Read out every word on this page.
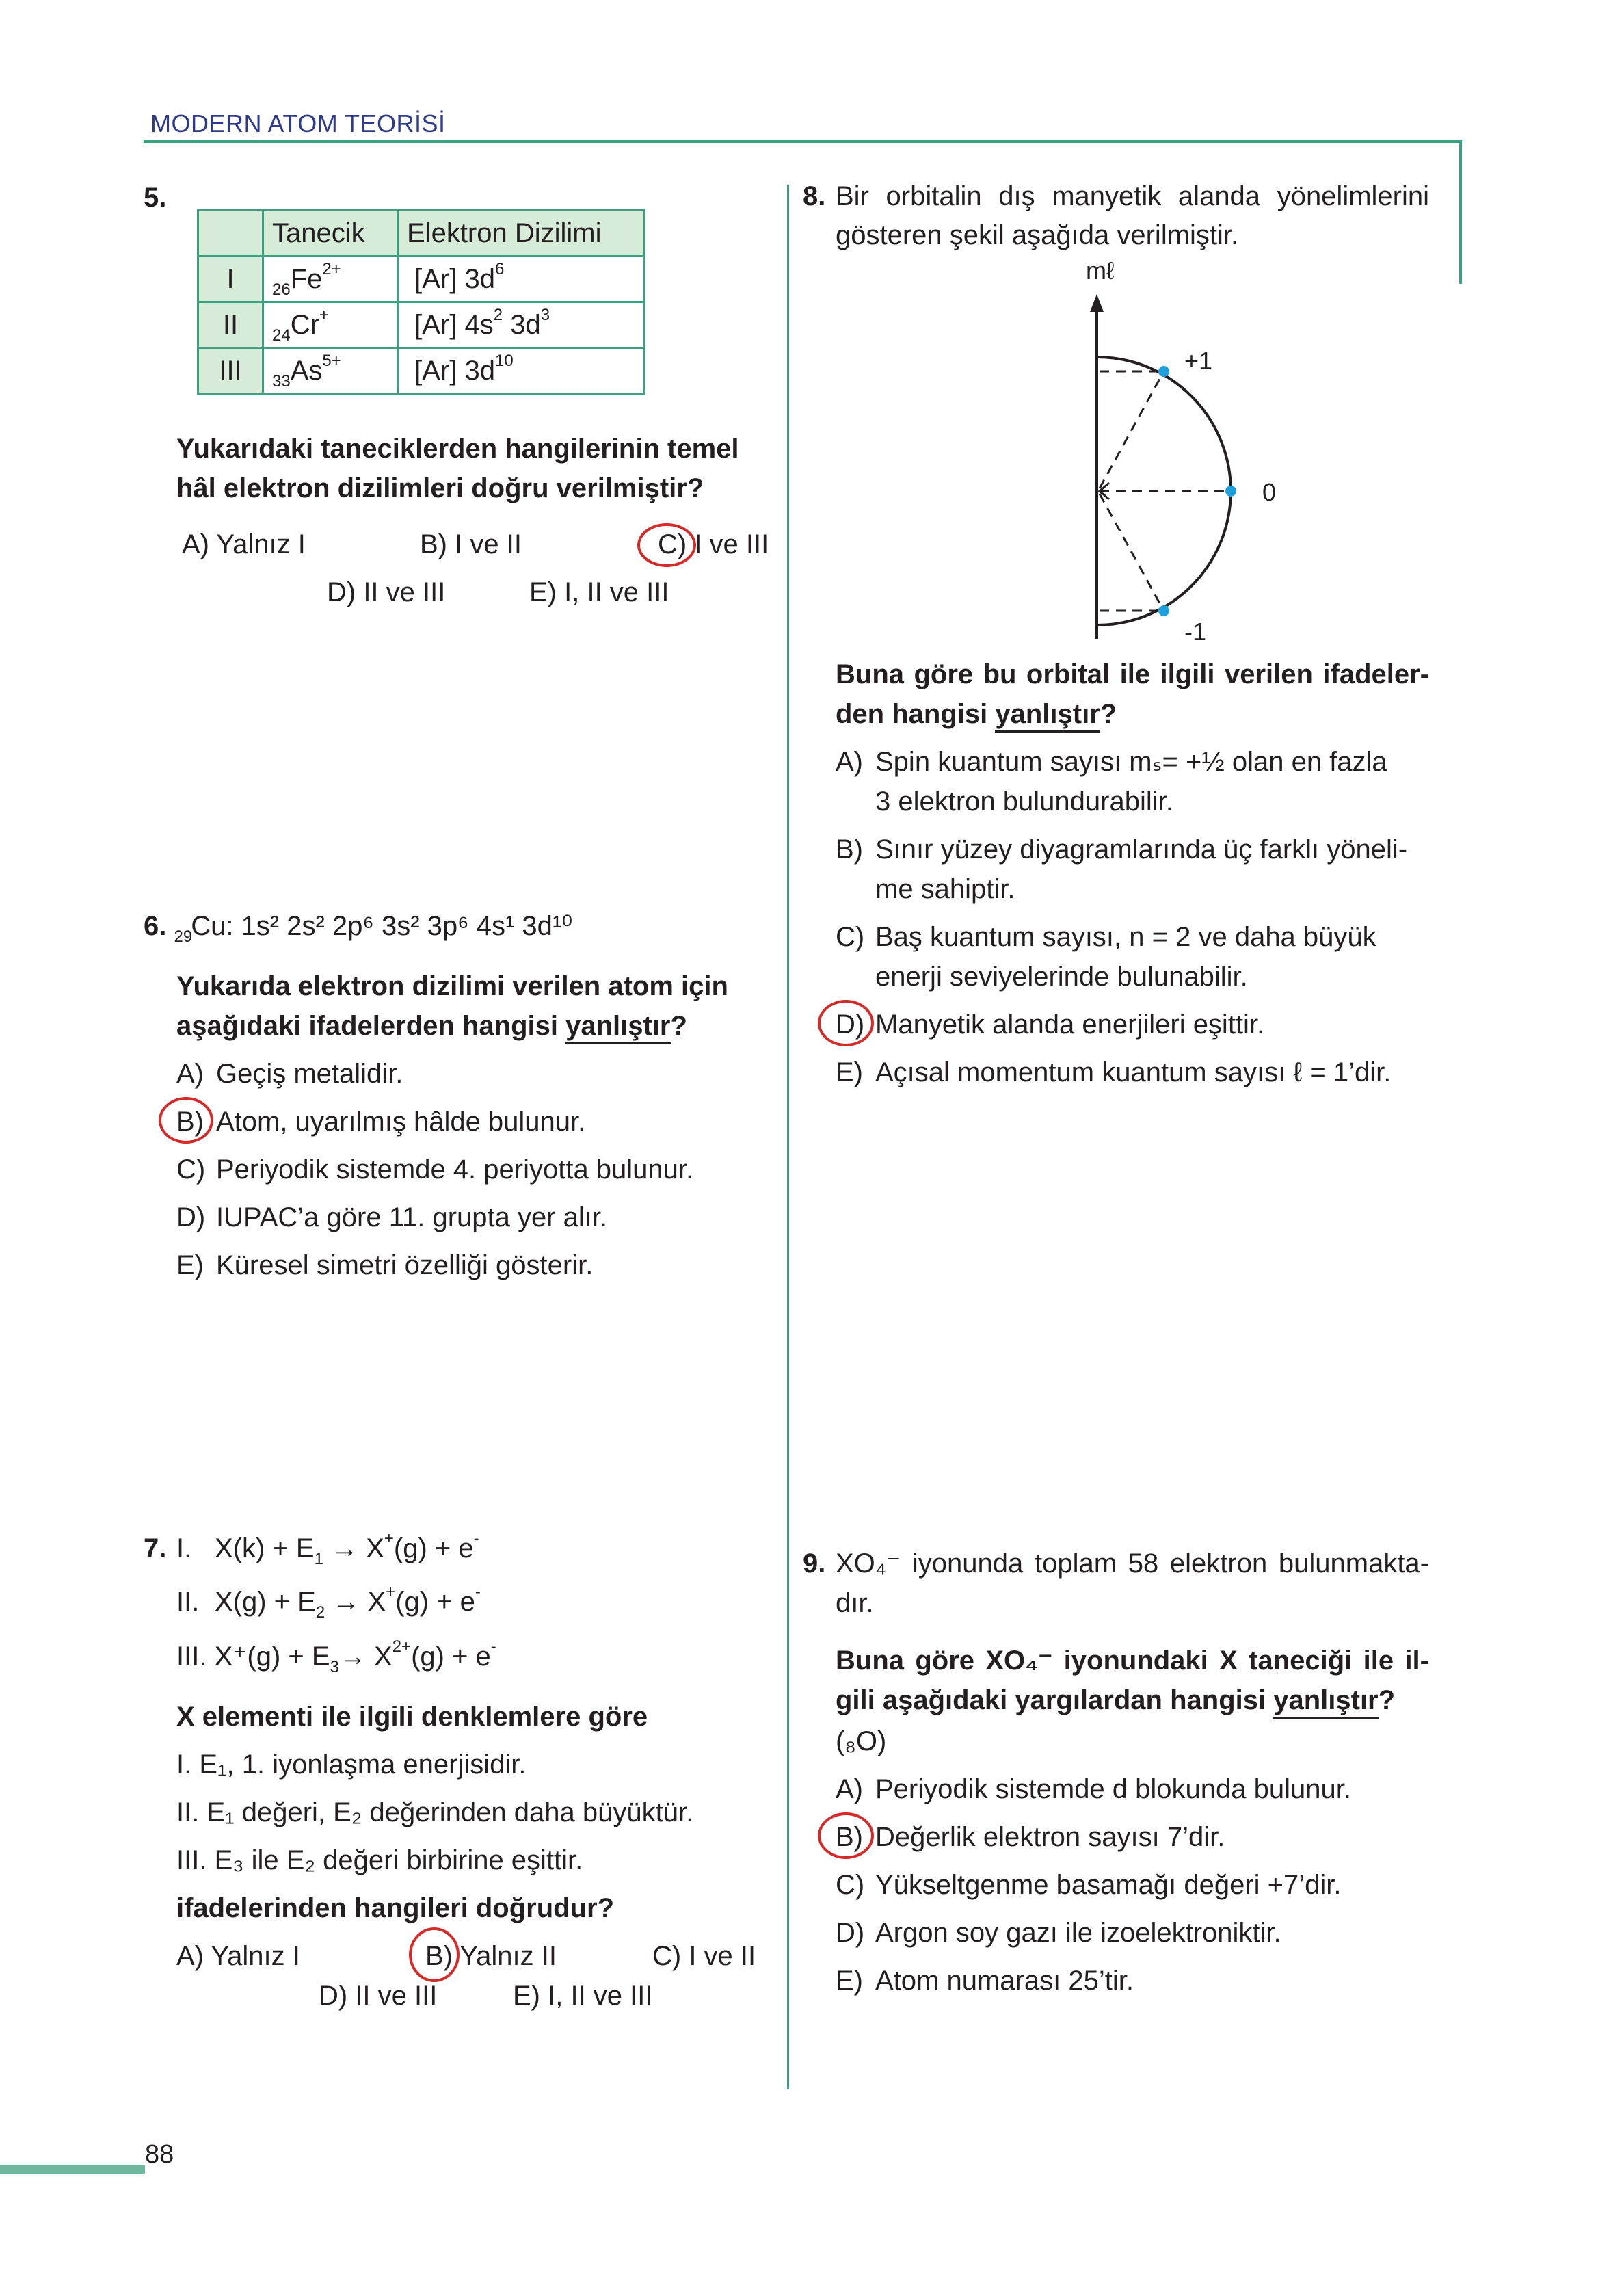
MODERN ATOM TEORİSİ
5.
	Tanecik	Elektron Dizilimi
I	$_{26}Fe^{2+}$	[Ar] $3d^6$
II	$_{24}$Cr+	[Ar] $4s^2$ $3d^3$
III	$_{33}As^{5+}$	[Ar] $3d^{10}$
Yukarıdaki taneciklerden hangilerinin temel
hâl elektron dizilimleri doğru verilmiştir?
A) Yalnız I	B) I ve II	C) I ve III
D) II ve III	E) I, II ve III
6. $_{29}$Cu: 1s² 2s² 2p⁶ 3s² 3p⁶ 4s¹ 3d¹⁰
Yukarıda elektron dizilimi verilen atom için
aşağıdaki ifadelerden hangisi yanlıştır?
A) Geçiş metalidir.
B) Atom, uyarılmış hâlde bulunur.
C) Periyodik sistemde 4. periyotta bulunur.
D) IUPAC’a göre 11. grupta yer alır.
E) Küresel simetri özelliği gösterir.
7. I. $X(k) + E_1 \to X^+(g) + e^-$
II. $X(g) + E_2 \to X^+(g) + e^-$
III. $X^+(g) + E_3\to X^{2+}(g) + e^-$
X elementi ile ilgili denklemlere göre
I. E₁, 1. iyonlaşma enerjisidir.
II. E₁ değeri, E₂ değerinden daha büyüktür.
III. E₃ ile E₂ değeri birbirine eşittir.
ifadelerinden hangileri doğrudur?
A) Yalnız I	B) Yalnız II	C) I ve II
D) II ve III	E) I, II ve III
8. Bir orbitalin dış manyetik alanda yönelimlerini
gösteren şekil aşağıda verilmiştir.
mℓ
+1
0
-1
Buna göre bu orbital ile ilgili verilen ifadeler-
den hangisi yanlıştır?
A) Spin kuantum sayısı mₛ= +½ olan en fazla
3 elektron bulundurabilir.
B) Sınır yüzey diyagramlarında üç farklı yöneli-
me sahiptir.
C) Baş kuantum sayısı, n = 2 ve daha büyük
enerji seviyelerinde bulunabilir.
D) Manyetik alanda enerjileri eşittir.
E) Açısal momentum kuantum sayısı ℓ = 1’dir.
9. XO₄⁻ iyonunda toplam 58 elektron bulunmakta-
dır.
Buna göre XO₄⁻ iyonundaki X taneciği ile il-
gili aşağıdaki yargılardan hangisi yanlıştır?
(₈O)
A) Periyodik sistemde d blokunda bulunur.
B) Değerlik elektron sayısı 7’dir.
C) Yükseltgenme basamağı değeri +7’dir.
D) Argon soy gazı ile izoelektroniktir.
E) Atom numarası 25’tir.
88
